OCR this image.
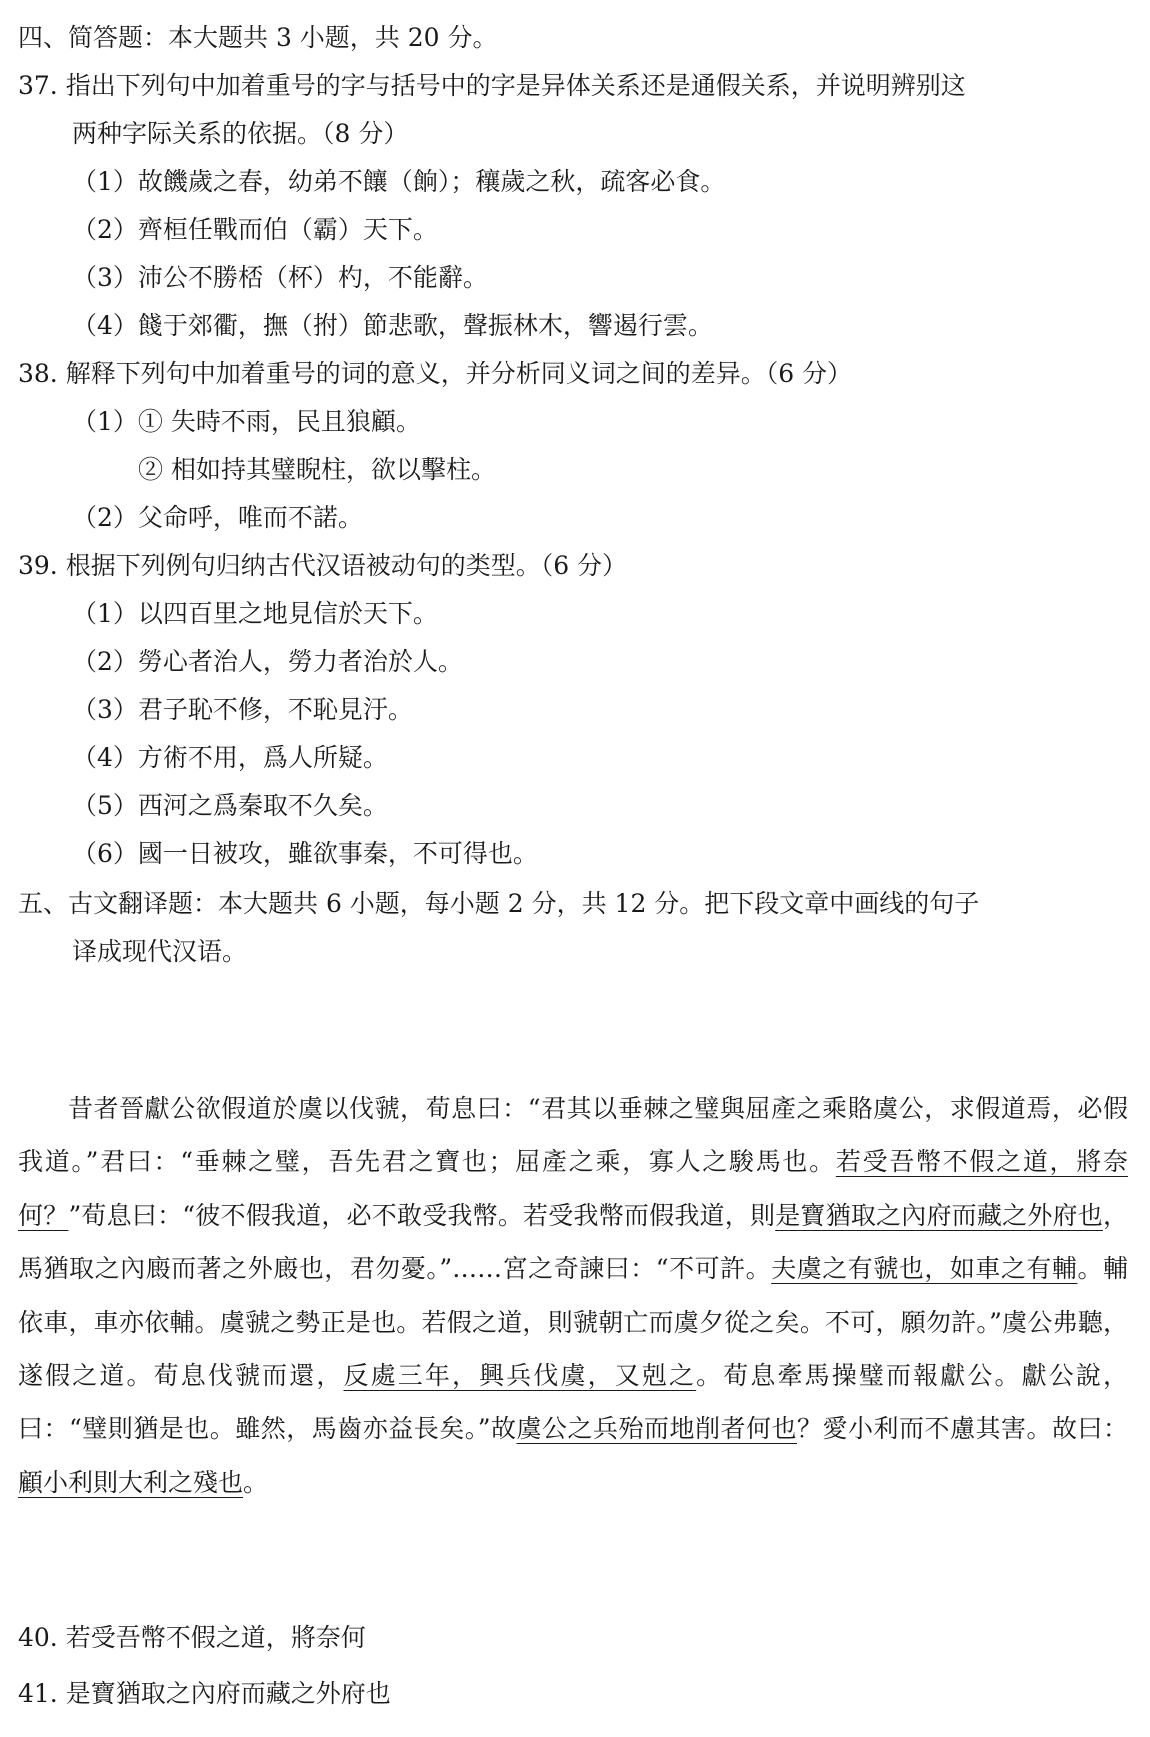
四、简答题：本大题共 3 小题，共 20 分。
37. 指出下列句中加着重号的字与括号中的字是异体关系还是通假关系，并说明辨别这
两种字际关系的依据。（8 分）
（1）故饑歲之春，幼弟不饟（餉）；穰歲之秋，疏客必食。
（2）齊桓任戰而伯（霸）天下。
（3）沛公不勝桮（杯）杓，不能辭。
（4）餞于郊衢，撫（拊）節悲歌，聲振林木，響遏行雲。
38. 解释下列句中加着重号的词的意义，并分析同义词之间的差异。（6 分）
（1）① 失時不雨，民且狼顧。
② 相如持其璧睨柱，欲以擊柱。
（2）父命呼，唯而不諾。
39. 根据下列例句归纳古代汉语被动句的类型。（6 分）
（1）以四百里之地見信於天下。
（2）勞心者治人，勞力者治於人。
（3）君子恥不修，不恥見汙。
（4）方術不用，爲人所疑。
（5）西河之爲秦取不久矣。
（6）國一日被攻，雖欲事秦，不可得也。
五、古文翻译题：本大题共 6 小题，每小题 2 分，共 12 分。把下段文章中画线的句子
译成现代汉语。

昔者晉獻公欲假道於虞以伐虢，荀息曰：“君其以垂棘之璧與屈產之乘賂虞公，求假道焉，必假我道。”君曰：“垂棘之璧，吾先君之寶也；屈產之乘，寡人之駿馬也。若受吾幣不假之道，將奈何？”荀息曰：“彼不假我道，必不敢受我幣。若受我幣而假我道，則是寶猶取之內府而藏之外府也，馬猶取之內廄而著之外廄也，君勿憂。”……宮之奇諫曰：“不可許。夫虞之有虢也，如車之有輔。輔依車，車亦依輔。虞虢之勢正是也。若假之道，則虢朝亡而虞夕從之矣。不可，願勿許。”虞公弗聽，遂假之道。荀息伐虢而還，反處三年，興兵伐虞，又剋之。荀息牽馬操璧而報獻公。獻公說，曰：“璧則猶是也。雖然，馬齒亦益長矣。”故虞公之兵殆而地削者何也？愛小利而不慮其害。故曰：顧小利則大利之殘也。

40. 若受吾幣不假之道，將奈何
41. 是寶猶取之內府而藏之外府也
